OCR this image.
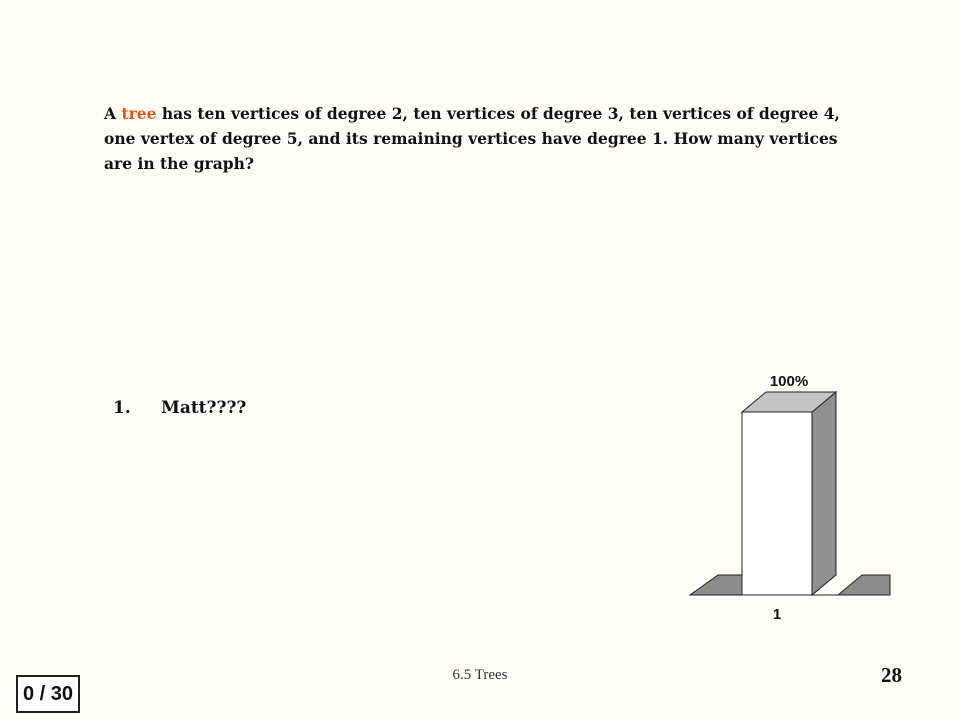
A tree has ten vertices of degree 2, ten vertices of degree 3, ten vertices of degree 4, one vertex of degree 5, and its remaining vertices have degree 1. How many vertices are in the graph?
1.	Matt????
100%
1
6.5 Trees	28
0 / 30
